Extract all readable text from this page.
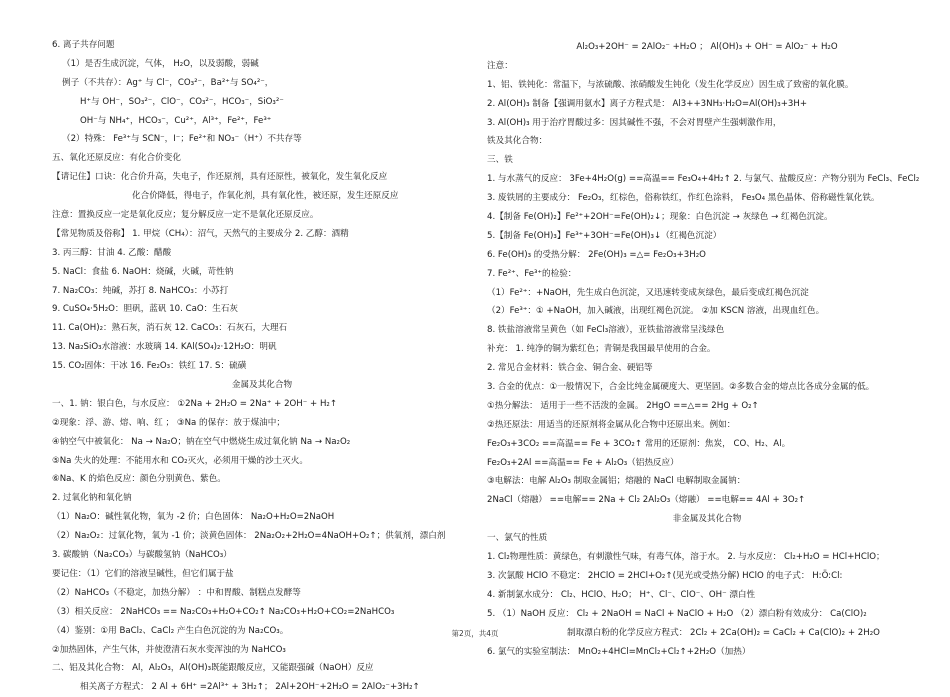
6. 离子共存问题
（1）是否生成沉淀，气体， H₂O，以及弱酸，弱碱
例子（不共存）：Ag⁺ 与 Cl⁻，CO₃²⁻，Ba²⁺与 SO₄²⁻，
H⁺与 OH⁻，SO₃²⁻，ClO⁻，CO₃²⁻，HCO₃⁻，SiO₃²⁻
OH⁻与 NH₄⁺，HCO₃⁻，Cu²⁺，Al³⁺，Fe²⁺，Fe³⁺
（2）特殊： Fe³⁺与 SCN⁻，I⁻；Fe²⁺和 NO₃⁻（H⁺）不共存等
五、氧化还原反应：有化合价变化
【请记住】口诀：化合价升高，失电子，作还原剂，具有还原性，被氧化，发生氧化反应
化合价降低，得电子，作氧化剂，具有氧化性，被还原，发生还原反应
注意：置换反应一定是氧化反应；复分解反应一定不是氧化还原反应。
【常见物质及俗称】 1. 甲烷（CH₄）：沼气，天然气的主要成分 2. 乙醇：酒精
3. 丙三醇：甘油 4. 乙酸：醋酸
5. NaCl：食盐 6. NaOH：烧碱，火碱，苛性钠
7. Na₂CO₃：纯碱，苏打 8. NaHCO₃：小苏打
9. CuSO₄·5H₂O：胆矾，蓝矾 10. CaO：生石灰
11. Ca(OH)₂：熟石灰，消石灰 12. CaCO₃：石灰石，大理石
13. Na₂SiO₃水溶液：水玻璃 14. KAl(SO₄)₂·12H₂O：明矾
15. CO₂固体：干冰 16. Fe₂O₃：铁红 17. S：硫磺
金属及其化合物
一、1. 钠：银白色，与水反应： ①2Na + 2H₂O = 2Na⁺ + 2OH⁻ + H₂↑
②现象：浮、游、熔、响、红 ； ③Na 的保存：放于煤油中；
④钠空气中被氧化： Na → Na₂O；钠在空气中燃烧生成过氧化钠 Na → Na₂O₂
⑤Na 失火的处理：不能用水和 CO₂灭火，必须用干燥的沙土灭火。
⑥Na、K 的焰色反应：颜色分别黄色、紫色。
2. 过氧化钠和氧化钠
（1）Na₂O：碱性氧化物，氧为 -2 价；白色固体： Na₂O+H₂O=2NaOH
（2）Na₂O₂：过氧化物，氧为 -1 价；淡黄色固体： 2Na₂O₂+2H₂O=4NaOH+O₂↑；供氧剂，漂白剂
3. 碳酸钠（Na₂CO₃）与碳酸氢钠（NaHCO₃）
要记住：（1）它们的溶液呈碱性，但它们属于盐
（2）NaHCO₃（不稳定，加热分解） ：中和胃酸、制糕点发酵等
（3）相关反应： 2NaHCO₃ == Na₂CO₃+H₂O+CO₂↑ Na₂CO₃+H₂O+CO₂=2NaHCO₃
（4）鉴别：①用 BaCl₂、CaCl₂ 产生白色沉淀的为 Na₂CO₃。
②加热固体，产生气体，并使澄清石灰水变浑浊的为 NaHCO₃
二、铝及其化合物： Al，Al₂O₃，Al(OH)₃既能跟酸反应，又能跟强碱（NaOH）反应
相关离子方程式： 2 Al + 6H⁺ =2Al³⁺ + 3H₂↑； 2Al+2OH⁻+2H₂O = 2AlO₂⁻+3H₂↑
Al₂O₃+2OH⁻ = 2AlO₂⁻ +H₂O ； Al(OH)₃ + OH⁻ = AlO₂⁻ + H₂O
注意：
1、铝、铁钝化：常温下，与浓硫酸、浓硝酸发生钝化（发生化学反应）因生成了致密的氧化膜。
2. Al(OH)₃ 制备【强调用氨水】离子方程式是： Al3++3NH₃·H₂O=Al(OH)₃+3H+
3. Al(OH)₃ 用于治疗胃酸过多：因其碱性不强，不会对胃壁产生强刺激作用，
铁及其化合物：
三、铁
1. 与水蒸气的反应： 3Fe+4H₂O(g) ==高温== Fe₃O₄+4H₂↑ 2. 与氯气、盐酸反应：产物分别为 FeCl₃、FeCl₂
3. 废铁屑的主要成分： Fe₂O₃，红棕色，俗称铁红，作红色涂料， Fe₃O₄ 黑色晶体、俗称磁性氧化铁。
4.【制备 Fe(OH)₂】Fe²⁺+2OH⁻=Fe(OH)₂↓；现象：白色沉淀 → 灰绿色 → 红褐色沉淀。
5.【制备 Fe(OH)₃】Fe³⁺+3OH⁻=Fe(OH)₃↓（红褐色沉淀）
6. Fe(OH)₃ 的受热分解： 2Fe(OH)₃ =△= Fe₂O₃+3H₂O
7. Fe²⁺、Fe³⁺的检验：
（1）Fe²⁺：+NaOH，先生成白色沉淀，又迅速转变成灰绿色，最后变成红褐色沉淀
（2）Fe³⁺：① +NaOH，加入碱液，出现红褐色沉淀。 ②加 KSCN 溶液，出现血红色。
8. 铁盐溶液常呈黄色（如 FeCl₃溶液），亚铁盐溶液常呈浅绿色
补充： 1. 纯净的铜为紫红色；青铜是我国最早使用的合金。
2. 常见合金材料：铁合金、铜合金、硬铝等
3. 合金的优点：①一般情况下，合金比纯金属硬度大、更坚固。②多数合金的熔点比各成分金属的低。
①热分解法： 适用于一些不活泼的金属。 2HgO ==△== 2Hg + O₂↑
②热还原法：用适当的还原剂将金属从化合物中还原出来。例如：
Fe₂O₃+3CO₂ ==高温== Fe + 3CO₂↑ 常用的还原剂：焦炭， CO、H₂、Al。
Fe₂O₃+2Al ==高温== Fe + Al₂O₃（铝热反应）
③电解法：电解 Al₂O₃ 制取金属铝；熔融的 NaCl 电解制取金属钠：
2NaCl（熔融） ==电解== 2Na + Cl₂ 2Al₂O₃（熔融） ==电解== 4Al + 3O₂↑
非金属及其化合物
一、氯气的性质
1. Cl₂物理性质：黄绿色，有刺激性气味，有毒气体，溶于水。 2. 与水反应： Cl₂+H₂O = HCl+HClO；
3. 次氯酸 HClO 不稳定： 2HClO = 2HCl+O₂↑(见光或受热分解) HClO 的电子式： H:Ö:Cl:
4. 新制氯水成分： Cl₂、HClO、H₂O； H⁺、Cl⁻、ClO⁻、OH⁻ 漂白性
5. （1）NaOH 反应： Cl₂ + 2NaOH = NaCl + NaClO + H₂O （2）漂白粉有效成分： Ca(ClO)₂
制取漂白粉的化学反应方程式： 2Cl₂ + 2Ca(OH)₂ = CaCl₂ + Ca(ClO)₂ + 2H₂O
6. 氯气的实验室制法： MnO₂+4HCl=MnCl₂+Cl₂↑+2H₂O（加热）
第2页，共4页
